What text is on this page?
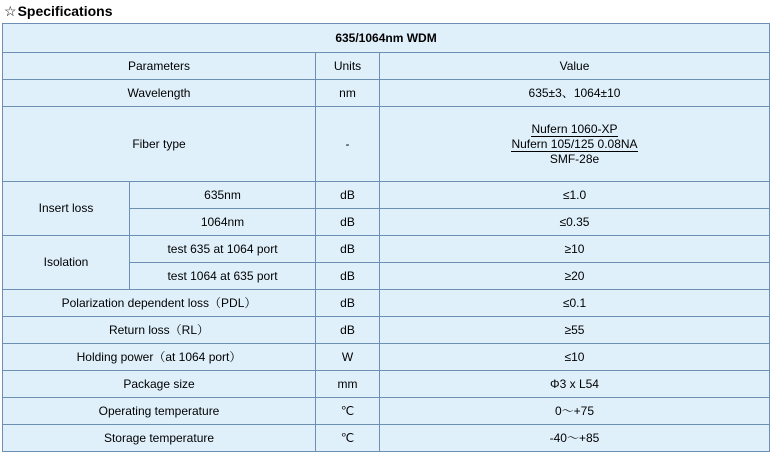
☆ Specifications
635/1064nm WDM			
Parameters		Units	Value
Wavelength		nm	635±3、1064±10
Fiber type		-	Nufern 1060-XP
Nufern 105/125 0.08NA
SMF-28e

Insert loss	635nm	dB	≤1.0
	1064nm	dB	≤0.35
Isolation	test 635 at 1064 port	dB	≥10
	test 1064 at 635 port	dB	≥20
Polarization dependent loss（PDL）		dB	≤0.1
Return loss（RL）		dB	≥55
Holding power（at 1064 port）		W	≤10
Package size		mm	Φ3 x L54
Operating temperature		℃	0～+75
Storage temperature		℃	-40～+85
